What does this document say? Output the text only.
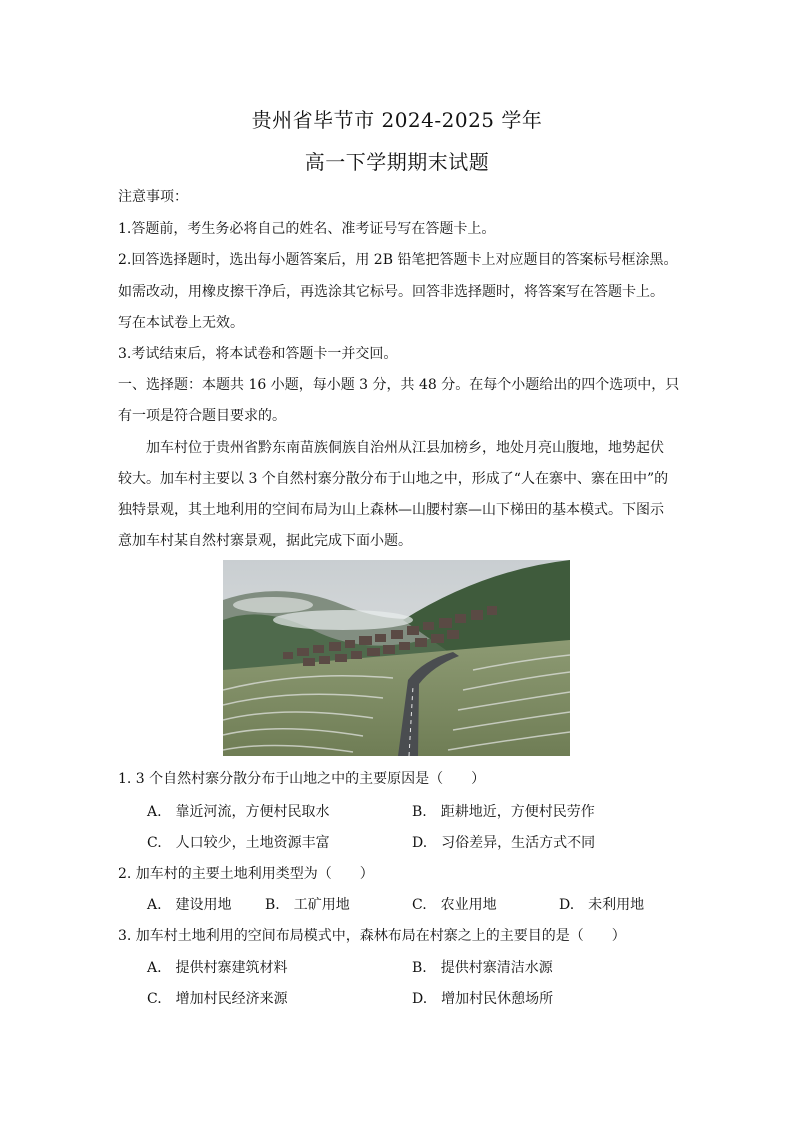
贵州省毕节市 2024-2025 学年
高一下学期期末试题
注意事项：
1.答题前，考生务必将自己的姓名、准考证号写在答题卡上。
2.回答选择题时，选出每小题答案后，用 2B 铅笔把答题卡上对应题目的答案标号框涂黑。
如需改动，用橡皮擦干净后，再选涂其它标号。回答非选择题时，将答案写在答题卡上。
写在本试卷上无效。
3.考试结束后，将本试卷和答题卡一并交回。
一、选择题：本题共 16 小题，每小题 3 分，共 48 分。在每个小题给出的四个选项中，只
有一项是符合题目要求的。
加车村位于贵州省黔东南苗族侗族自治州从江县加榜乡，地处月亮山腹地，地势起伏
较大。加车村主要以 3 个自然村寨分散分布于山地之中，形成了“人在寨中、寨在田中”的
独特景观，其土地利用的空间布局为山上森林—山腰村寨—山下梯田的基本模式。下图示
意加车村某自然村寨景观，据此完成下面小题。
1. 3 个自然村寨分散分布于山地之中的主要原因是（　　）
A.　靠近河流，方便村民取水	B.　距耕地近，方便村民劳作
C.　人口较少，土地资源丰富	D.　习俗差异，生活方式不同
2. 加车村的主要土地利用类型为（　　）
A.　建设用地 B.　工矿用地	C.　农业用地	D.　未利用地
3. 加车村土地利用的空间布局模式中，森林布局在村寨之上的主要目的是（　　）
A.　提供村寨建筑材料	B.　提供村寨清洁水源
C.　增加村民经济来源	D.　增加村民休憩场所
